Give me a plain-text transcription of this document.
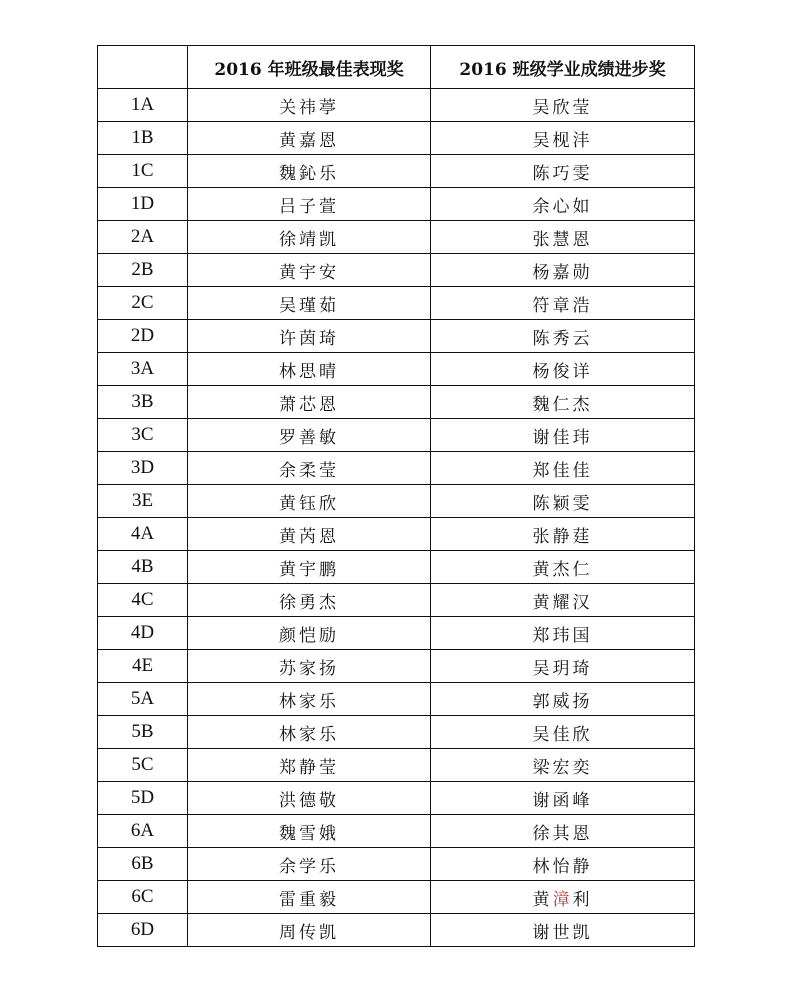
	2016 年班级最佳表现奖	2016 班级学业成绩进步奖
1A	关祎葶	吴欣莹
1B	黄嘉恩	吴枧沣
1C	魏鈊乐	陈巧雯
1D	吕子萱	余心如
2A	徐靖凯	张慧恩
2B	黄宇安	杨嘉勋
2C	吴瑾茹	符章浩
2D	许茵琦	陈秀云
3A	林思晴	杨俊详
3B	萧芯恩	魏仁杰
3C	罗善敏	谢佳玮
3D	余柔莹	郑佳佳
3E	黄钰欣	陈颖雯
4A	黄芮恩	张静莛
4B	黄宇鹏	黄杰仁
4C	徐勇杰	黄耀汉
4D	颜恺励	郑玮国
4E	苏家扬	吴玥琦
5A	林家乐	郭威扬
5B	林家乐	吴佳欣
5C	郑静莹	梁宏奕
5D	洪德敬	谢函峰
6A	魏雪娥	徐其恩
6B	余学乐	林怡静
6C	雷重毅	黄漳利
6D	周传凯	谢世凯
